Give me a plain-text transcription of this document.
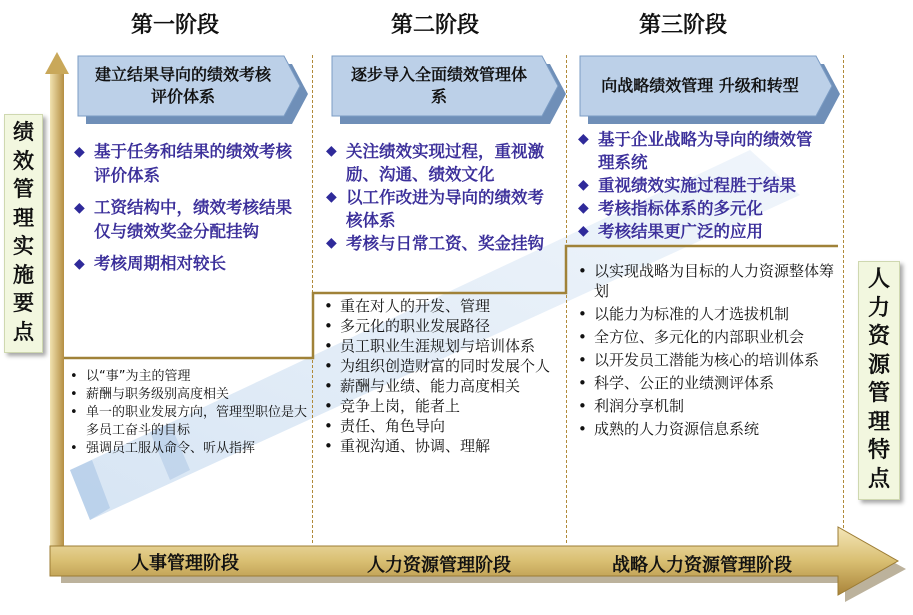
第一阶段	第二阶段	第三阶段
建立结果导向的绩效考核
评价体系
逐步导入全面绩效管理体
系
向战略绩效管理 升级和转型
◆ 基于任务和结果的绩效考核评价体系
◆ 工资结构中，绩效考核结果仅与绩效奖金分配挂钩
◆ 考核周期相对较长
◆ 关注绩效实现过程，重视激励、沟通、绩效文化
◆ 以工作改进为导向的绩效考核体系
◆ 考核与日常工资、奖金挂钩
◆ 基于企业战略为导向的绩效管理系统
◆ 重视绩效实施过程胜于结果
◆ 考核指标体系的多元化
◆ 考核结果更广泛的应用
• 以“事”为主的管理
• 薪酬与职务级别高度相关
• 单一的职业发展方向，管理型职位是大多员工奋斗的目标
• 强调员工服从命令、听从指挥
• 重在对人的开发、管理
• 多元化的职业发展路径
• 员工职业生涯规划与培训体系
• 为组织创造财富的同时发展个人
• 薪酬与业绩、能力高度相关
• 竞争上岗，能者上
• 责任、角色导向
• 重视沟通、协调、理解
• 以实现战略为目标的人力资源整体筹划
• 以能力为标准的人才选拔机制
• 全方位、多元化的内部职业机会
• 以开发员工潜能为核心的培训体系
• 科学、公正的业绩测评体系
• 利润分享机制
• 成熟的人力资源信息系统
绩
效
管
理
实
施
要
点
人
力
资
源
管
理
特
点
人事管理阶段	人力资源管理阶段	战略人力资源管理阶段
